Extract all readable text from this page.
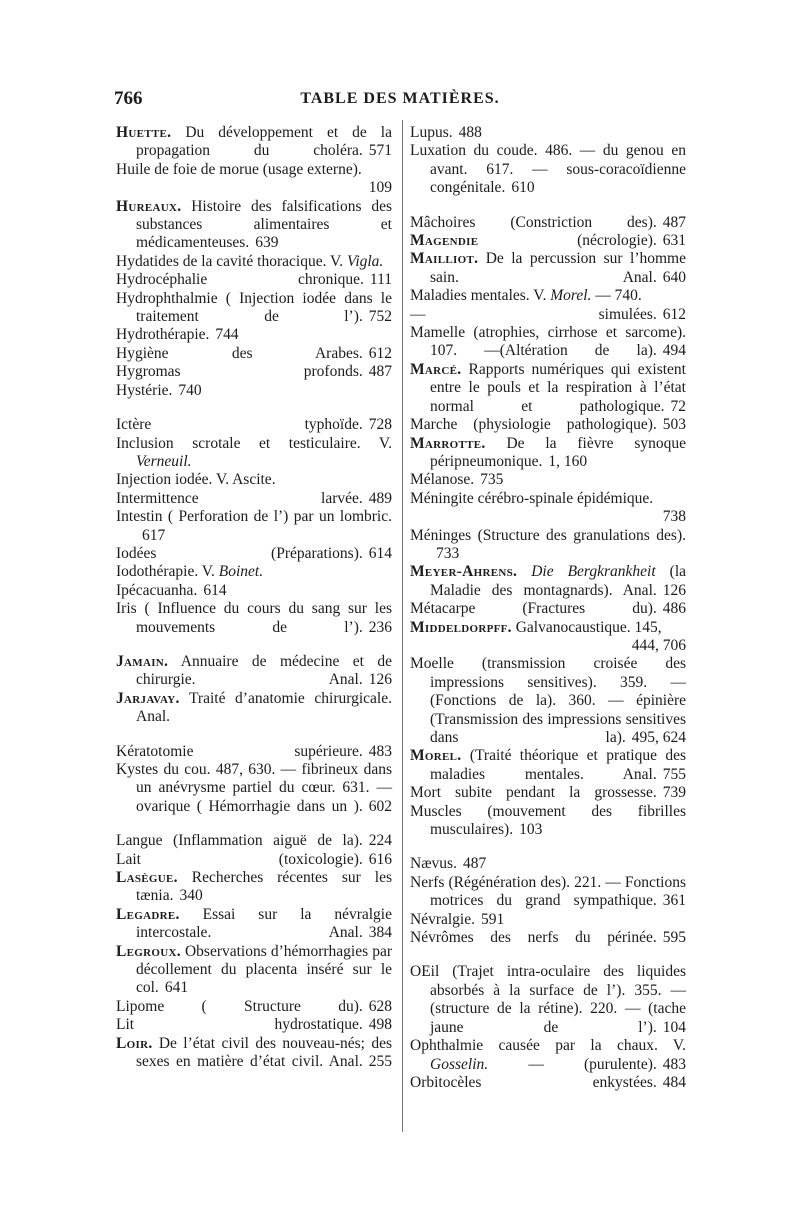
766	TABLE DES MATIÈRES.
Huette. Du développement et de la propagation du choléra. 571
Huile de foie de morue (usage externe).
109
Hureaux. Histoire des falsifications des substances alimentaires et médicamenteuses. 639
Hydatides de la cavité thoracique. V. Vigla.
Hydrocéphalie chronique. 111
Hydrophthalmie ( Injection iodée dans le traitement de l’). 752
Hydrothérapie. 744
Hygiène des Arabes. 612
Hygromas profonds. 487
Hystérie. 740
Ictère typhoïde. 728
Inclusion scrotale et testiculaire. V. Verneuil.
Injection iodée. V. Ascite.
Intermittence larvée. 489
Intestin ( Perforation de l’) par un lombric.617
Iodées (Préparations). 614
Iodothérapie. V. Boinet.
Ipécacuanha. 614
Iris ( Influence du cours du sang sur les mouvements de l’). 236
Jamain. Annuaire de médecine et de chirurgie. Anal. 126
Jarjavay. Traité d’anatomie chirurgicale. Anal.
Kératotomie supérieure. 483
Kystes du cou. 487, 630. — fibrineux dans un anévrysme partiel du cœur. 631. — ovarique ( Hémorrhagie dans un ). 602
Langue (Inflammation aiguë de la). 224
Lait (toxicologie). 616
Lasègue. Recherches récentes sur les tænia. 340
Legadre. Essai sur la névralgie intercostale. Anal. 384
Legroux. Observations d’hémorrhagies par décollement du placenta inséré sur le col. 641
Lipome ( Structure du). 628
Lit hydrostatique. 498
Loir. De l’état civil des nouveau-nés; des sexes en matière d’état civil. Anal. 255
Lupus. 488
Luxation du coude. 486. — du genou en avant. 617. — sous-coracoïdienne congénitale. 610
Mâchoires (Constriction des). 487
Magendie (nécrologie). 631
Mailliot. De la percussion sur l’homme sain. Anal. 640
Maladies mentales. V. Morel. — 740.
— simulées. 612
Mamelle (atrophies, cirrhose et sarcome). 107. —(Altération de la). 494
Marcé. Rapports numériques qui existent entre le pouls et la respiration à l’état normal et pathologique. 72
Marche (physiologie pathologique). 503
Marrotte. De la fièvre synoque péripneumonique. 1, 160
Mélanose. 735
Méningite cérébro-spinale épidémique.
738
Méninges (Structure des granulations des).733
Meyer-Ahrens. Die Bergkrankheit (la Maladie des montagnards). Anal. 126
Métacarpe (Fractures du). 486
Middeldorpff. Galvanocaustique. 145,
444, 706
Moelle (transmission croisée des impressions sensitives). 359. — (Fonctions de la). 360. — épinière (Transmission des impressions sensitives dans la). 495, 624
Morel. (Traité théorique et pratique des maladies mentales. Anal. 755
Mort subite pendant la grossesse. 739
Muscles (mouvement des fibrilles musculaires). 103
Nævus. 487
Nerfs (Régénération des). 221. — Fonctions motrices du grand sympathique. 361
Névralgie. 591
Névrômes des nerfs du périnée. 595
OEil (Trajet intra-oculaire des liquides absorbés à la surface de l’). 355. — (structure de la rétine). 220. — (tache jaune de l’). 104
Ophthalmie causée par la chaux. V. Gosselin. — (purulente). 483
Orbitocèles enkystées. 484
